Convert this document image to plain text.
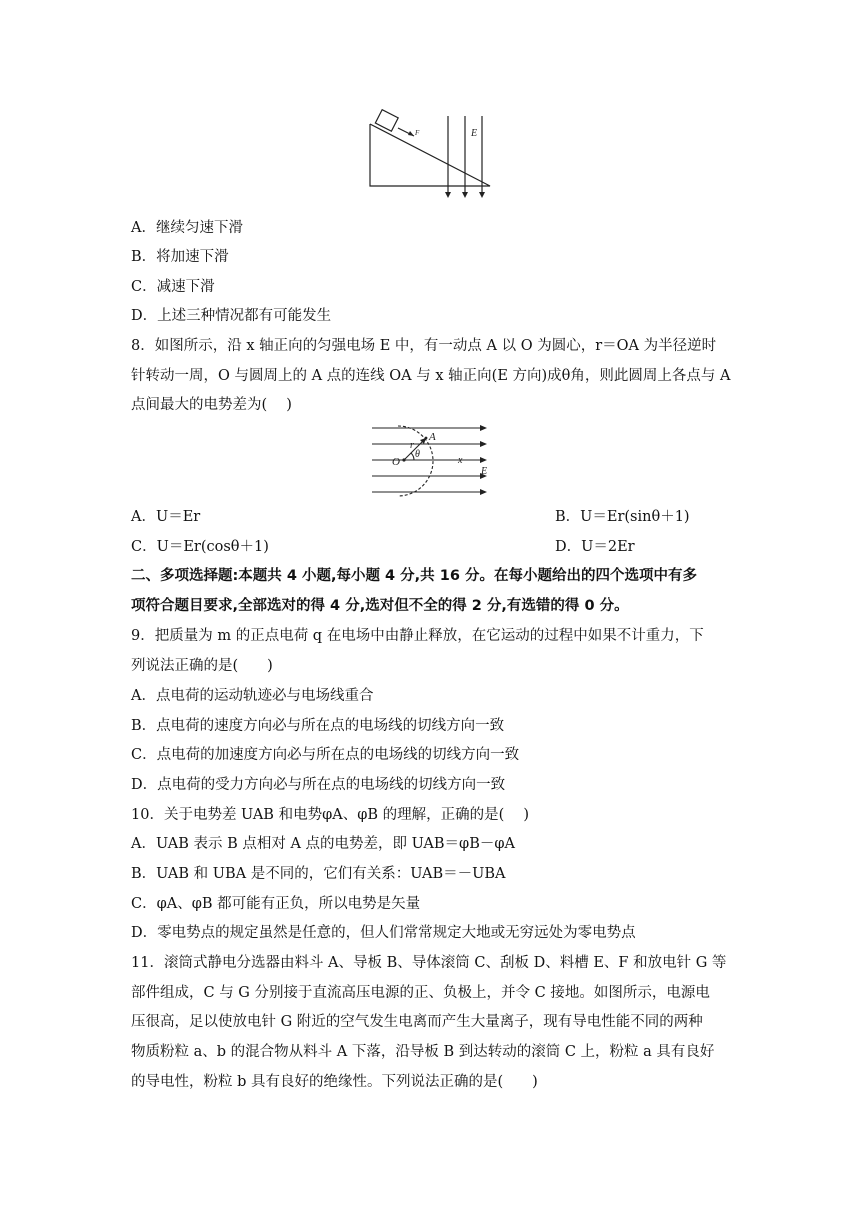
F	E
A．继续匀速下滑
B．将加速下滑
C．减速下滑
D．上述三种情况都有可能发生
8．如图所示，沿 x 轴正向的匀强电场 E 中，有一动点 A 以 O 为圆心，r＝OA 为半径逆时
针转动一周，O 与圆周上的 A 点的连线 OA 与 x 轴正向(E 方向)成θ角，则此圆周上各点与 A
点间最大的电势差为(　 )
A
r
θ
O	x
E
A．U＝Er	B．U＝Er(sinθ＋1)
C．U＝Er(cosθ＋1)	D．U＝2Er
二、多项选择题:本题共 4 小题,每小题 4 分,共 16 分。在每小题给出的四个选项中有多
项符合题目要求,全部选对的得 4 分,选对但不全的得 2 分,有选错的得 0 分。
9．把质量为 m 的正点电荷 q 在电场中由静止释放，在它运动的过程中如果不计重力，下
列说法正确的是(　　)
A．点电荷的运动轨迹必与电场线重合
B．点电荷的速度方向必与所在点的电场线的切线方向一致
C．点电荷的加速度方向必与所在点的电场线的切线方向一致
D．点电荷的受力方向必与所在点的电场线的切线方向一致
10．关于电势差 UAB 和电势φA、φB 的理解，正确的是(　 )
A．UAB 表示 B 点相对 A 点的电势差，即 UAB＝φB－φA
B．UAB 和 UBA 是不同的，它们有关系：UAB＝－UBA
C．φA、φB 都可能有正负，所以电势是矢量
D．零电势点的规定虽然是任意的，但人们常常规定大地或无穷远处为零电势点
11．滚筒式静电分选器由料斗 A、导板 B、导体滚筒 C、刮板 D、料槽 E、F 和放电针 G 等
部件组成，C 与 G 分别接于直流高压电源的正、负极上，并令 C 接地。如图所示，电源电
压很高，足以使放电针 G 附近的空气发生电离而产生大量离子，现有导电性能不同的两种
物质粉粒 a、b 的混合物从料斗 A 下落，沿导板 B 到达转动的滚筒 C 上，粉粒 a 具有良好
的导电性，粉粒 b 具有良好的绝缘性。下列说法正确的是(　　)
